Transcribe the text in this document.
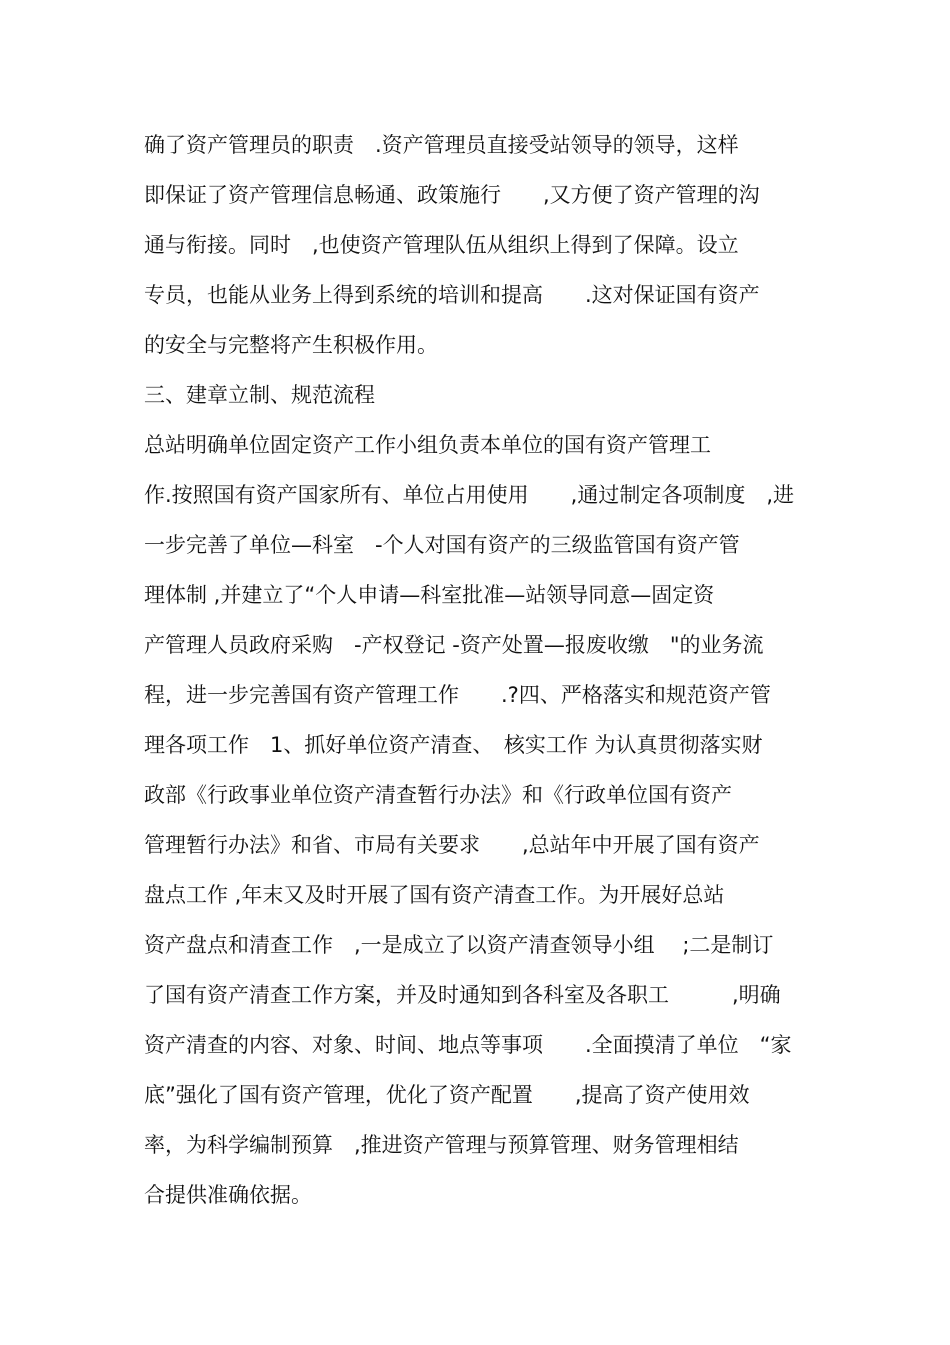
确了资产管理员的职责　.资产管理员直接受站领导的领导，这样
即保证了资产管理信息畅通、政策施行　　,又方便了资产管理的沟
通与衔接。同时　,也使资产管理队伍从组织上得到了保障。设立
专员，也能从业务上得到系统的培训和提高　　.这对保证国有资产
的安全与完整将产生积极作用。
三、建章立制、规范流程
总站明确单位固定资产工作小组负责本单位的国有资产管理工
作.按照国有资产国家所有、单位占用使用　　,通过制定各项制度　,进
一步完善了单位—科室　-个人对国有资产的三级监管国有资产管
理体制 ,并建立了“个人申请—科室批准—站领导同意—固定资
产管理人员政府采购　-产权登记 -资产处置—报废收缴　"的业务流
程，进一步完善国有资产管理工作　　.?四、严格落实和规范资产管
理各项工作　1、抓好单位资产清查、　核实工作 为认真贯彻落实财
政部《行政事业单位资产清查暂行办法》和《行政单位国有资产
管理暂行办法》和省、市局有关要求　　,总站年中开展了国有资产
盘点工作 ,年末又及时开展了国有资产清查工作。为开展好总站
资产盘点和清查工作　,一是成立了以资产清查领导小组　 ;二是制订
了国有资产清查工作方案，并及时通知到各科室及各职工　　　,明确
资产清查的内容、对象、时间、地点等事项　　.全面摸清了单位　“家
底”强化了国有资产管理，优化了资产配置　　,提高了资产使用效
率，为科学编制预算　,推进资产管理与预算管理、财务管理相结
合提供准确依据。
